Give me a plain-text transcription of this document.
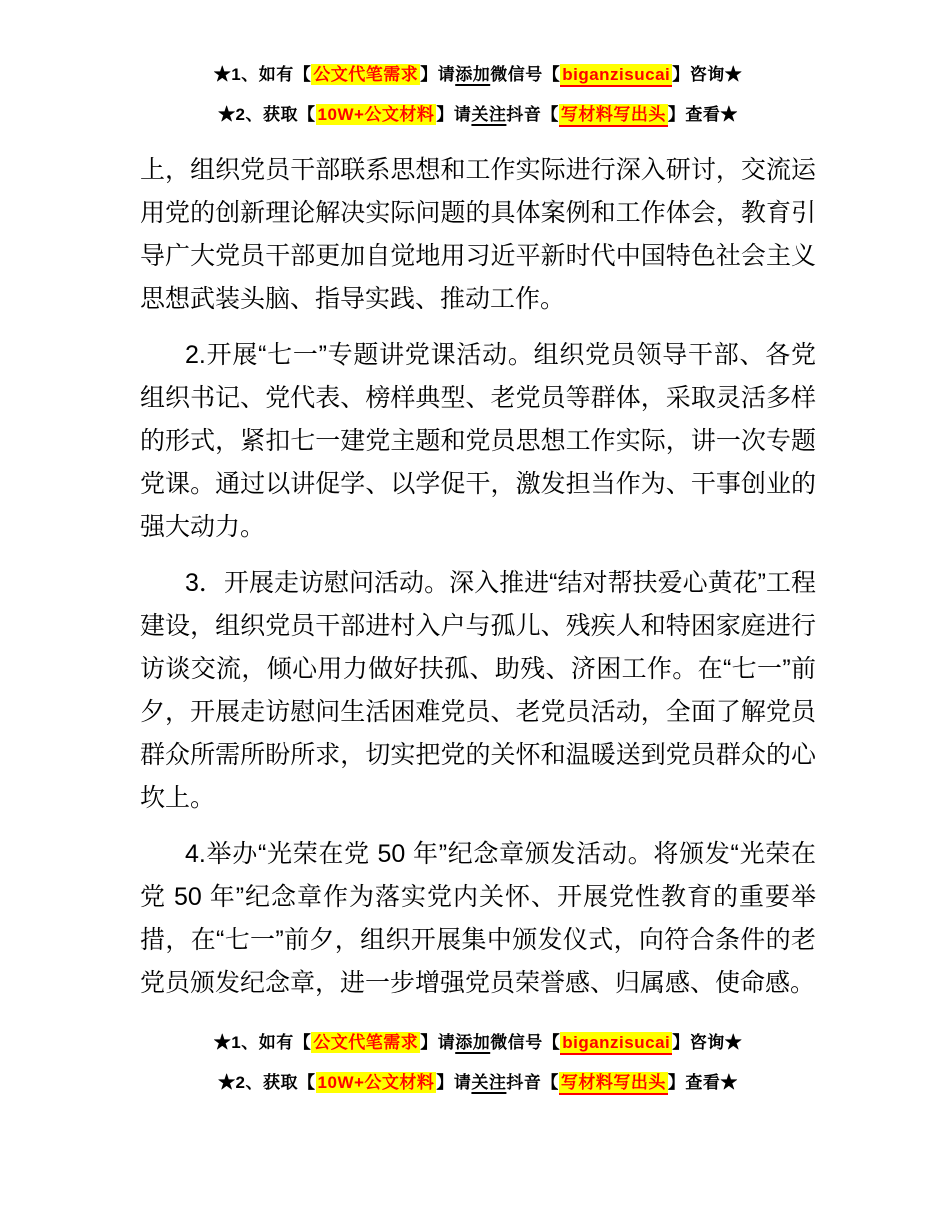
★1、如有【 公文代笔需求 】请添加微信号【 biganzisucai 】咨询★
★2、获取【 10W+公文材料 】请关注抖音【 写材料写出头 】查看★

上，组织党员干部联系思想和工作实际进行深入研讨，交流运用党的创新理论解决实际问题的具体案例和工作体会，教育引导广大党员干部更加自觉地用习近平新时代中国特色社会主义思想武装头脑、指导实践、推动工作。

2.开展“七一”专题讲党课活动。组织党员领导干部、各党组织书记、党代表、榜样典型、老党员等群体，采取灵活多样的形式，紧扣七一建党主题和党员思想工作实际，讲一次专题党课。通过以讲促学、以学促干，激发担当作为、干事创业的强大动力。

3．开展走访慰问活动。深入推进“结对帮扶爱心黄花”工程建设，组织党员干部进村入户与孤儿、残疾人和特困家庭进行访谈交流，倾心用力做好扶孤、助残、济困工作。在“七一”前夕，开展走访慰问生活困难党员、老党员活动，全面了解党员群众所需所盼所求，切实把党的关怀和温暖送到党员群众的心坎上。

4.举办“光荣在党 50 年”纪念章颁发活动。将颁发“光荣在党 50 年”纪念章作为落实党内关怀、开展党性教育的重要举措，在“七一”前夕，组织开展集中颁发仪式，向符合条件的老党员颁发纪念章，进一步增强党员荣誉感、归属感、使命感。

★1、如有【 公文代笔需求 】请添加微信号【 biganzisucai 】咨询★
★2、获取【 10W+公文材料 】请关注抖音【 写材料写出头 】查看★
